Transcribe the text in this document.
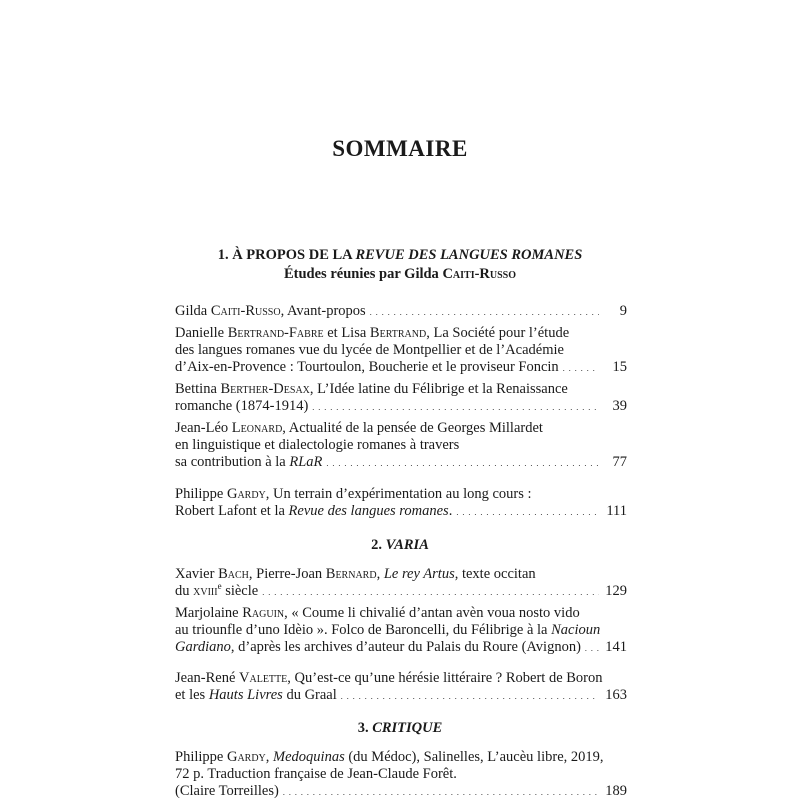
SOMMAIRE
1. À PROPOS DE LA REVUE DES LANGUES ROMANES
Études réunies par Gilda Caiti-Russo
Gilda Caiti-Russo , Avant-propos . . .	9
Danielle Bertrand-Fabre et Lisa Bertrand, La Société pour l’étude
des langues romanes vue du lycée de Montpellier et de l’Académie
d’Aix-en-Provence : Tourtoulon, Boucherie et le proviseur Foncin . . .	15
Bettina Berther-Desax, L’Idée latine du Félibrige et la Renaissance
romanche (1874-1914) . . .	39
Jean-Léo Leonard, Actualité de la pensée de Georges Millardet
en linguistique et dialectologie romanes à travers
sa contribution à la RLaR . . .	77
Philippe Gardy, Un terrain d’expérimentation au long cours :
Robert Lafont et la Revue des langues romanes. . . .	111
2. VARIA
Xavier Bach, Pierre-Joan Bernard, Le rey Artus, texte occitan
du xviii$^e$ siècle . . .	129
Marjolaine Raguin, « Coume li chivalié d’antan avèn voua nosto vido
au triounfle d’uno Idèio ». Folco de Baroncelli, du Félibrige à la Nacioun
Gardiano, d’après les archives d’auteur du Palais du Roure (Avignon) . . . 141
Jean-René Valette, Qu’est-ce qu’une hérésie littéraire ? Robert de Boron
et les Hauts Livres du Graal . . .	163
3. CRITIQUE
Philippe Gardy, Medoquinas (du Médoc), Salinelles, L’aucèu libre, 2019,
72 p. Traduction française de Jean-Claude Forêt.
(Claire Torreilles) . . .	189
